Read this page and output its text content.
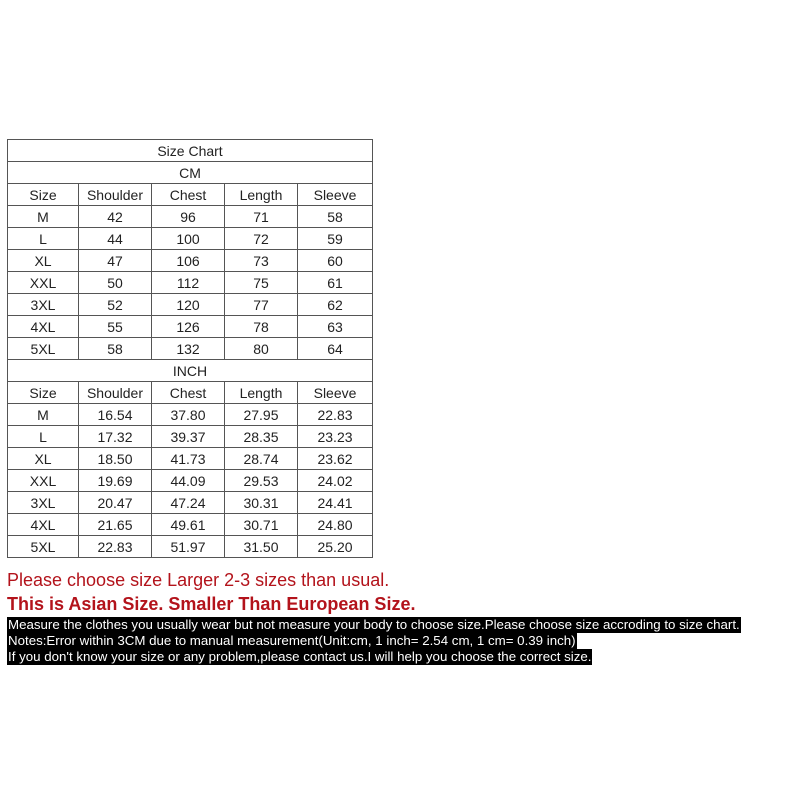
Size Chart				
CM				
Size	Shoulder	Chest	Length	Sleeve
M	42	96	71	58
L	44	100	72	59
XL	47	106	73	60
XXL	50	112	75	61
3XL	52	120	77	62
4XL	55	126	78	63
5XL	58	132	80	64
INCH				
Size	Shoulder	Chest	Length	Sleeve
M	16.54	37.80	27.95	22.83
L	17.32	39.37	28.35	23.23
XL	18.50	41.73	28.74	23.62
XXL	19.69	44.09	29.53	24.02
3XL	20.47	47.24	30.31	24.41
4XL	21.65	49.61	30.71	24.80
5XL	22.83	51.97	31.50	25.20
Please choose size Larger 2-3 sizes than usual.
This is Asian Size. Smaller Than European Size.
Measure the clothes you usually wear but not measure your body to choose size.Please choose size accroding to size chart.
Notes:Error within 3CM due to manual measurement(Unit:cm, 1 inch= 2.54 cm, 1 cm= 0.39 inch)
If you don't know your size or any problem,please contact us.I will help you choose the correct size.
